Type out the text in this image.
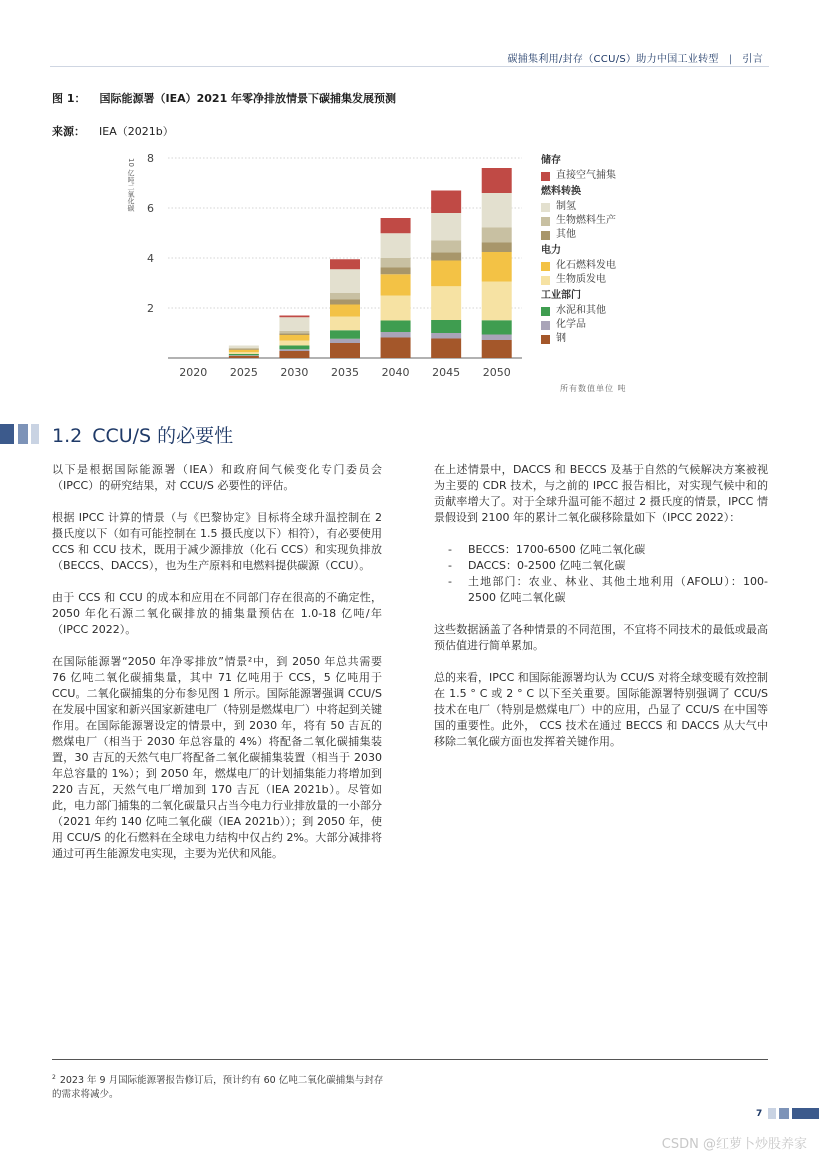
碳捕集利用/封存（CCU/S）助力中国工业转型 | 引言
图 1： 国际能源署（IEA）2021 年零净排放情景下碳捕集发展预测
来源： IEA（2021b）
10 亿吨二氧化碳
2
4
6
8
2020 2025 2030 2035 2040 2045 2050
储存
直接空气捕集
燃料转换
制氢
生物燃料生产
其他
电力
化石燃料发电
生物质发电
工业部门
水泥和其他
化学品
钢
所有数值单位 吨
1.2 CCU/S 的必要性

以下是根据国际能源署（IEA）和政府间气候变化专门委员会（IPCC）的研究结果，对 CCU/S 必要性的评估。

根据 IPCC 计算的情景（与《巴黎协定》目标将全球升温控制在 2 摄氏度以下（如有可能控制在 1.5 摄氏度以下）相符），有必要使用 CCS 和 CCU 技术，既用于减少源排放（化石 CCS）和实现负排放（BECCS、DACCS），也为生产原料和电燃料提供碳源（CCU）。

由于 CCS 和 CCU 的成本和应用在不同部门存在很高的不确定性，2050 年化石源二氧化碳排放的捕集量预估在 1.0-18 亿吨/年（IPCC 2022）。

在国际能源署“2050 年净零排放”情景²中，到 2050 年总共需要 76 亿吨二氧化碳捕集量，其中 71 亿吨用于 CCS，5 亿吨用于 CCU。二氧化碳捕集的分布参见图 1 所示。国际能源署强调 CCU/S 在发展中国家和新兴国家新建电厂（特别是燃煤电厂）中将起到关键作用。在国际能源署设定的情景中，到 2030 年，将有 50 吉瓦的燃煤电厂（相当于 2030 年总容量的 4%）将配备二氧化碳捕集装置，30 吉瓦的天然气电厂将配备二氧化碳捕集装置（相当于 2030 年总容量的 1%）；到 2050 年，燃煤电厂的计划捕集能力将增加到 220 吉瓦，天然气电厂增加到 170 吉瓦（IEA 2021b）。尽管如此，电力部门捕集的二氧化碳量只占当今电力行业排放量的一小部分（2021 年约 140 亿吨二氧化碳（IEA 2021b））；到 2050 年，使用 CCU/S 的化石燃料在全球电力结构中仅占约 2%。大部分减排将通过可再生能源发电实现，主要为光伏和风能。

在上述情景中，DACCS 和 BECCS 及基于自然的气候解决方案被视为主要的 CDR 技术，与之前的 IPCC 报告相比，对实现气候中和的贡献率增大了。对于全球升温可能不超过 2 摄氏度的情景，IPCC 情景假设到 2100 年的累计二氧化碳移除量如下（IPCC 2022）：

-	BECCS：1700-6500 亿吨二氧化碳
-	DACCS：0-2500 亿吨二氧化碳
-	土地部门：农业、林业、其他土地利用（AFOLU）：100-2500 亿吨二氧化碳

这些数据涵盖了各种情景的不同范围，不宜将不同技术的最低或最高预估值进行简单累加。

总的来看，IPCC 和国际能源署均认为 CCU/S 对将全球变暖有效控制在 1.5 ° C 或 2 ° C 以下至关重要。国际能源署特别强调了 CCU/S 技术在电厂（特别是燃煤电厂）中的应用，凸显了 CCU/S 在中国等国的重要性。此外， CCS 技术在通过 BECCS 和 DACCS 从大气中移除二氧化碳方面也发挥着关键作用。

$^2$ 2023 年 9 月国际能源署报告修订后，预计约有 60 亿吨二氧化碳捕集与封存的需求将减少。
7
CSDN @红萝卜炒股养家
